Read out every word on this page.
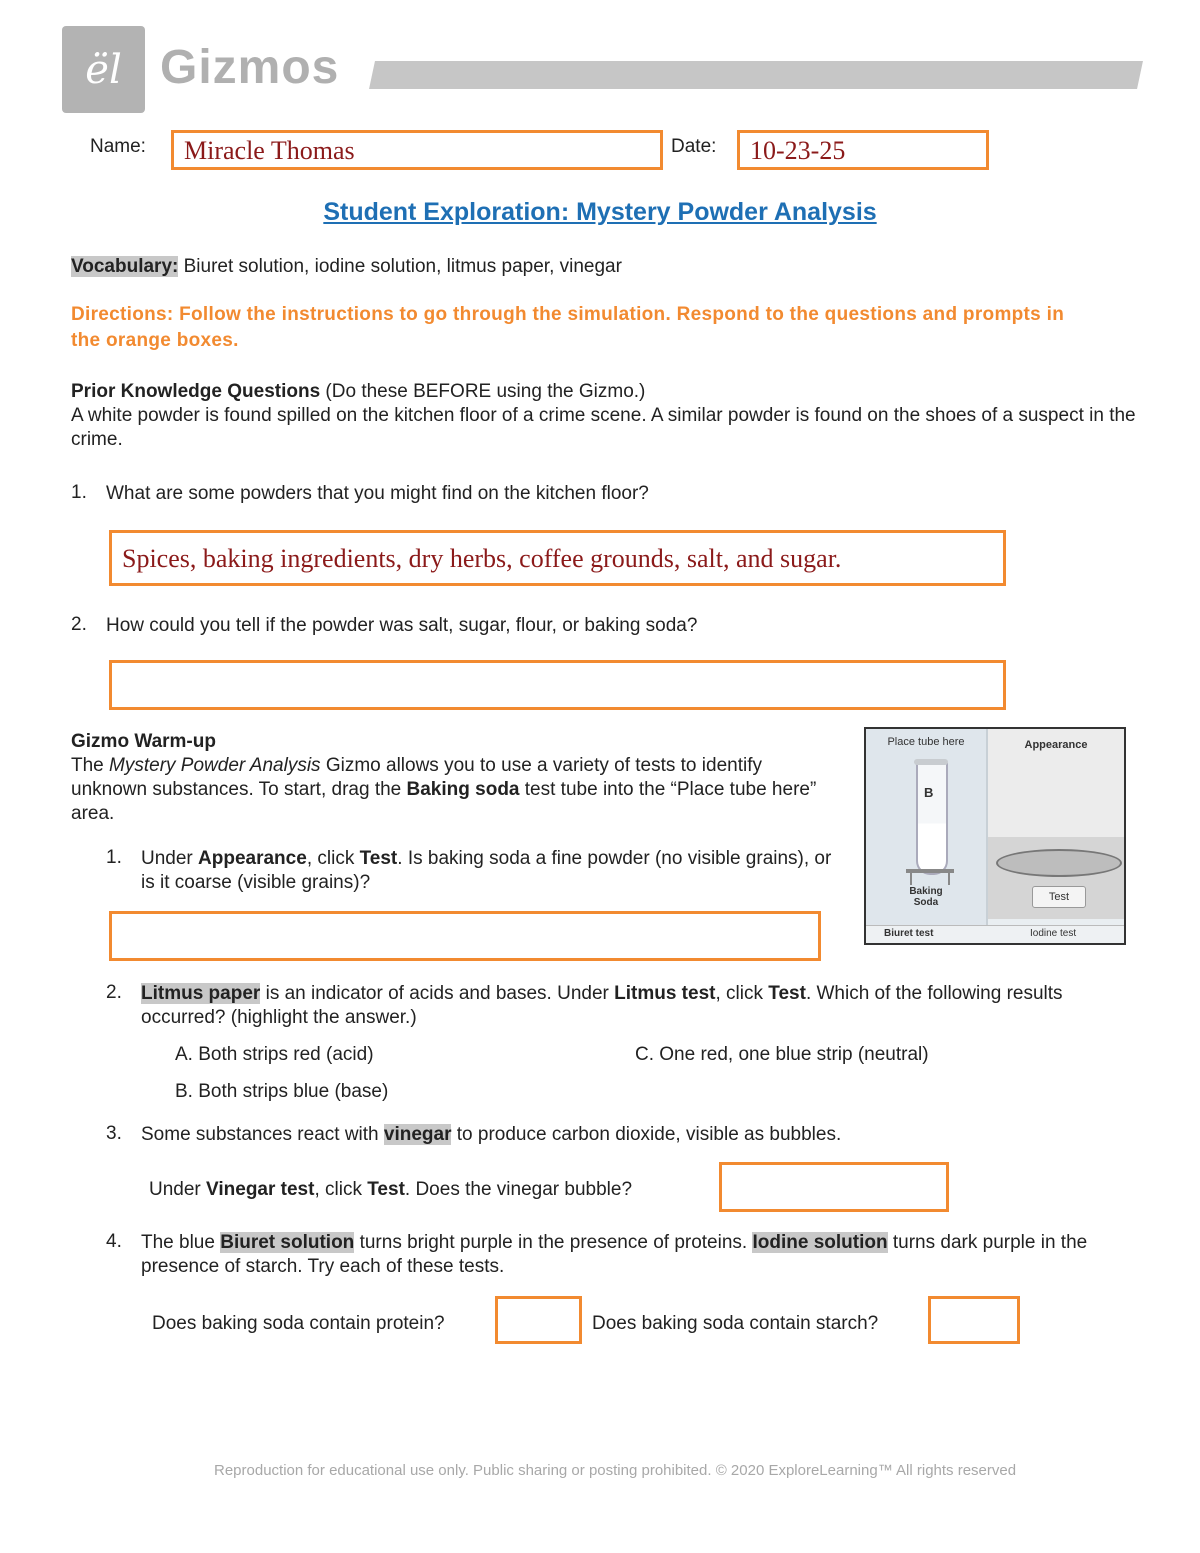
ël Gizmos
Name: Miracle Thomas	Date: 10-23-25
Student Exploration: Mystery Powder Analysis
Vocabulary: Biuret solution, iodine solution, litmus paper, vinegar
Directions: Follow the instructions to go through the simulation. Respond to the questions and prompts in the orange boxes.

Prior Knowledge Questions (Do these BEFORE using the Gizmo.)

A white powder is found spilled on the kitchen floor of a crime scene. A similar powder is found on the shoes of a suspect in the crime.

1. What are some powders that you might find on the kitchen floor?
Spices, baking ingredients, dry herbs, coffee grounds, salt, and sugar.
2. How could you tell if the powder was salt, sugar, flour, or baking soda?

Gizmo Warm-up

The Mystery Powder Analysis Gizmo allows you to use a variety of tests to identify unknown substances. To start, drag the Baking soda test tube into the “Place tube here” area.

Place tube here	Appearance
B
Baking
Soda	Test
Biuret test	Iodine test
1. Under Appearance, click Test. Is baking soda a fine powder (no visible grains), or is it coarse (visible grains)?
2. Litmus paper is an indicator of acids and bases. Under Litmus test, click Test. Which of the following results occurred? (highlight the answer.)
A. Both strips red (acid)	C. One red, one blue strip (neutral)
B. Both strips blue (base)
3. Some substances react with vinegar to produce carbon dioxide, visible as bubbles.
Under Vinegar test, click Test. Does the vinegar bubble?
4. The blue Biuret solution turns bright purple in the presence of proteins. Iodine solution turns dark purple in the presence of starch. Try each of these tests.
Does baking soda contain protein?	Does baking soda contain starch?
Reproduction for educational use only. Public sharing or posting prohibited. © 2020 ExploreLearning™ All rights reserved
